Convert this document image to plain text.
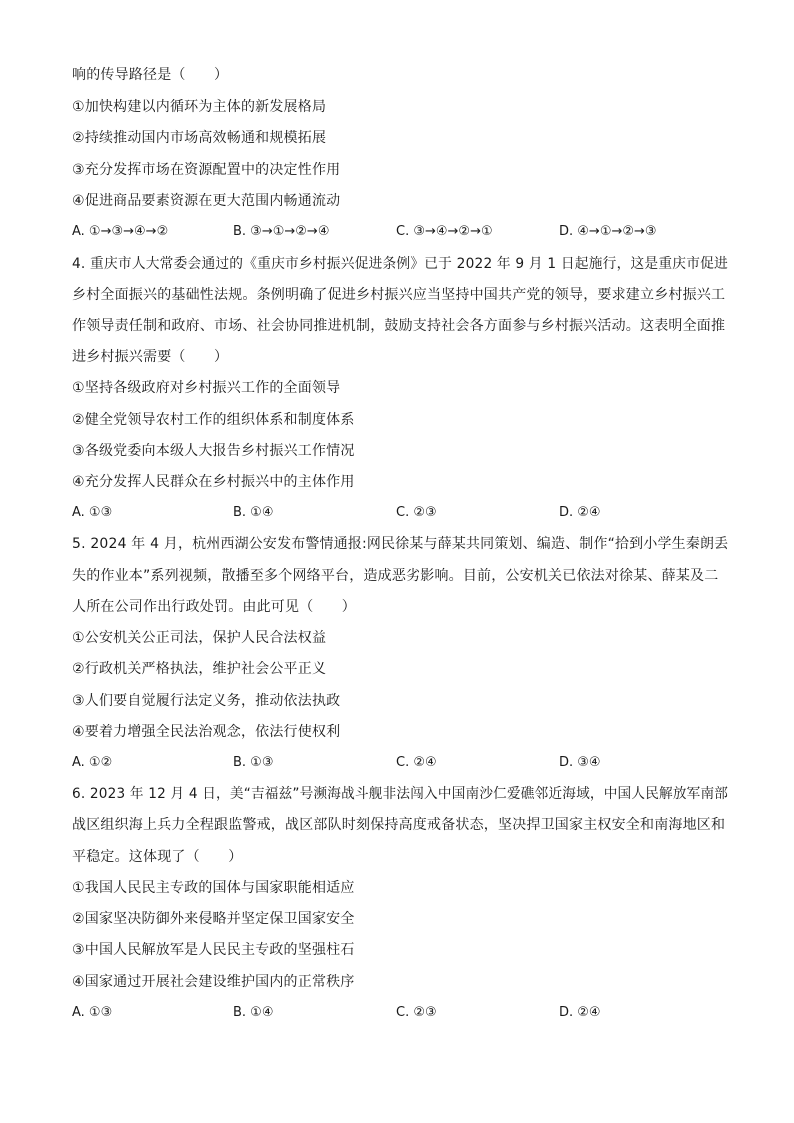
响的传导路径是（　　）
①加快构建以内循环为主体的新发展格局
②持续推动国内市场高效畅通和规模拓展
③充分发挥市场在资源配置中的决定性作用
④促进商品要素资源在更大范围内畅通流动
A. ①→③→④→②	B. ③→①→②→④	C. ③→④→②→①	D. ④→①→②→③
4. 重庆市人大常委会通过的《重庆市乡村振兴促进条例》已于 2022 年 9 月 1 日起施行，这是重庆市促进
乡村全面振兴的基础性法规。条例明确了促进乡村振兴应当坚持中国共产党的领导，要求建立乡村振兴工
作领导责任制和政府、市场、社会协同推进机制，鼓励支持社会各方面参与乡村振兴活动。这表明全面推
进乡村振兴需要（　　）
①坚持各级政府对乡村振兴工作的全面领导
②健全党领导农村工作的组织体系和制度体系
③各级党委向本级人大报告乡村振兴工作情况
④充分发挥人民群众在乡村振兴中的主体作用
A. ①③	B. ①④	C. ②③	D. ②④
5. 2024 年 4 月，杭州西湖公安发布警情通报:网民徐某与薛某共同策划、编造、制作“拾到小学生秦朗丢
失的作业本”系列视频，散播至多个网络平台，造成恶劣影响。目前，公安机关已依法对徐某、薛某及二
人所在公司作出行政处罚。由此可见（　　）
①公安机关公正司法，保护人民合法权益
②行政机关严格执法，维护社会公平正义
③人们要自觉履行法定义务，推动依法执政
④要着力增强全民法治观念，依法行使权利
A. ①②	B. ①③	C. ②④	D. ③④
6. 2023 年 12 月 4 日，美“吉福兹”号濒海战斗舰非法闯入中国南沙仁爱礁邻近海域，中国人民解放军南部
战区组织海上兵力全程跟监警戒，战区部队时刻保持高度戒备状态，坚决捍卫国家主权安全和南海地区和
平稳定。这体现了（　　）
①我国人民民主专政的国体与国家职能相适应
②国家坚决防御外来侵略并坚定保卫国家安全
③中国人民解放军是人民民主专政的坚强柱石
④国家通过开展社会建设维护国内的正常秩序
A. ①③	B. ①④	C. ②③	D. ②④
